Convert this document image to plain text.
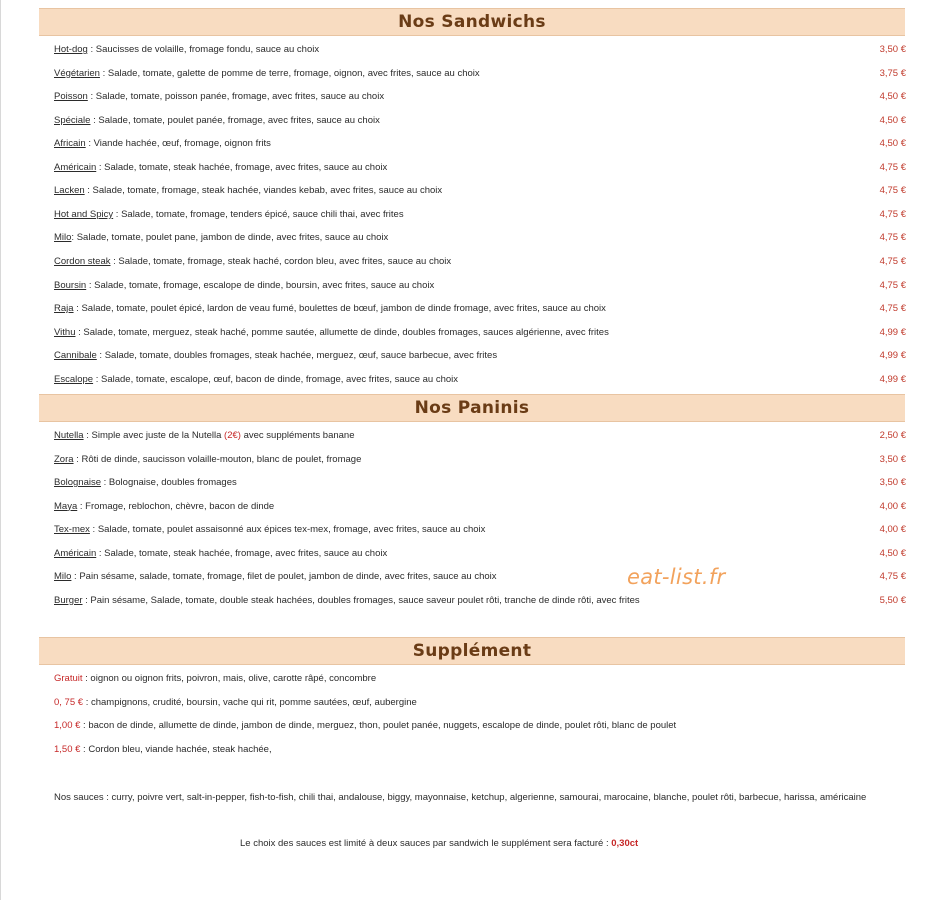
Nos Sandwichs
Hot-dog : Saucisses de volaille, fromage fondu, sauce au choix	3,50 €
Végétarien : Salade, tomate, galette de pomme de terre, fromage, oignon, avec frites, sauce au choix	3,75 €
Poisson : Salade, tomate, poisson panée, fromage, avec frites, sauce au choix	4,50 €
Spéciale : Salade, tomate, poulet panée, fromage, avec frites, sauce au choix	4,50 €
Africain : Viande hachée, œuf, fromage, oignon frits	4,50 €
Américain : Salade, tomate, steak hachée, fromage, avec frites, sauce au choix	4,75 €
Lacken : Salade, tomate, fromage, steak hachée, viandes kebab, avec frites, sauce au choix	4,75 €
Hot and Spicy : Salade, tomate, fromage, tenders épicé, sauce chili thai, avec frites	4,75 €
Milo: Salade, tomate, poulet pane, jambon de dinde, avec frites, sauce au choix	4,75 €
Cordon steak : Salade, tomate, fromage, steak haché, cordon bleu, avec frites, sauce au choix	4,75 €
Boursin : Salade, tomate, fromage, escalope de dinde, boursin, avec frites, sauce au choix	4,75 €
Raja : Salade, tomate, poulet épicé, lardon de veau fumé, boulettes de bœuf, jambon de dinde fromage, avec frites, sauce au choix	4,75 €
Vithu : Salade, tomate, merguez, steak haché, pomme sautée, allumette de dinde, doubles fromages, sauces algérienne, avec frites	4,99 €
Cannibale : Salade, tomate, doubles fromages, steak hachée, merguez, œuf, sauce barbecue, avec frites	4,99 €
Escalope : Salade, tomate, escalope, œuf, bacon de dinde, fromage, avec frites, sauce au choix	4,99 €
Nos Paninis
Nutella : Simple avec juste de la Nutella (2€) avec suppléments banane	2,50 €
Zora : Rôti de dinde, saucisson volaille-mouton, blanc de poulet, fromage	3,50 €
Bolognaise : Bolognaise, doubles fromages	3,50 €
Maya : Fromage, reblochon, chèvre, bacon de dinde	4,00 €
Tex-mex : Salade, tomate, poulet assaisonné aux épices tex-mex, fromage, avec frites, sauce au choix	4,00 €
Américain : Salade, tomate, steak hachée, fromage, avec frites, sauce au choix	4,50 €
Milo : Pain sésame, salade, tomate, fromage, filet de poulet, jambon de dinde, avec frites, sauce au choix	4,75 €
Burger : Pain sésame, Salade, tomate, double steak hachées, doubles fromages, sauce saveur poulet rôti, tranche de dinde rôti, avec frites	5,50 €
Supplément
Gratuit : oignon ou oignon frits, poivron, mais, olive, carotte râpé, concombre
0, 75 € : champignons, crudité, boursin, vache qui rit, pomme sautées, œuf, aubergine
1,00 € : bacon de dinde, allumette de dinde, jambon de dinde, merguez, thon, poulet panée, nuggets, escalope de dinde, poulet rôti, blanc de poulet
1,50 € : Cordon bleu, viande hachée, steak hachée,
Nos sauces : curry, poivre vert, salt-in-pepper, fish-to-fish, chili thai, andalouse, biggy, mayonnaise, ketchup, algerienne, samourai, marocaine, blanche, poulet rôti, barbecue, harissa, américaine
Le choix des sauces est limité à deux sauces par sandwich le supplément sera facturé : 0,30ct
eat-list.fr
